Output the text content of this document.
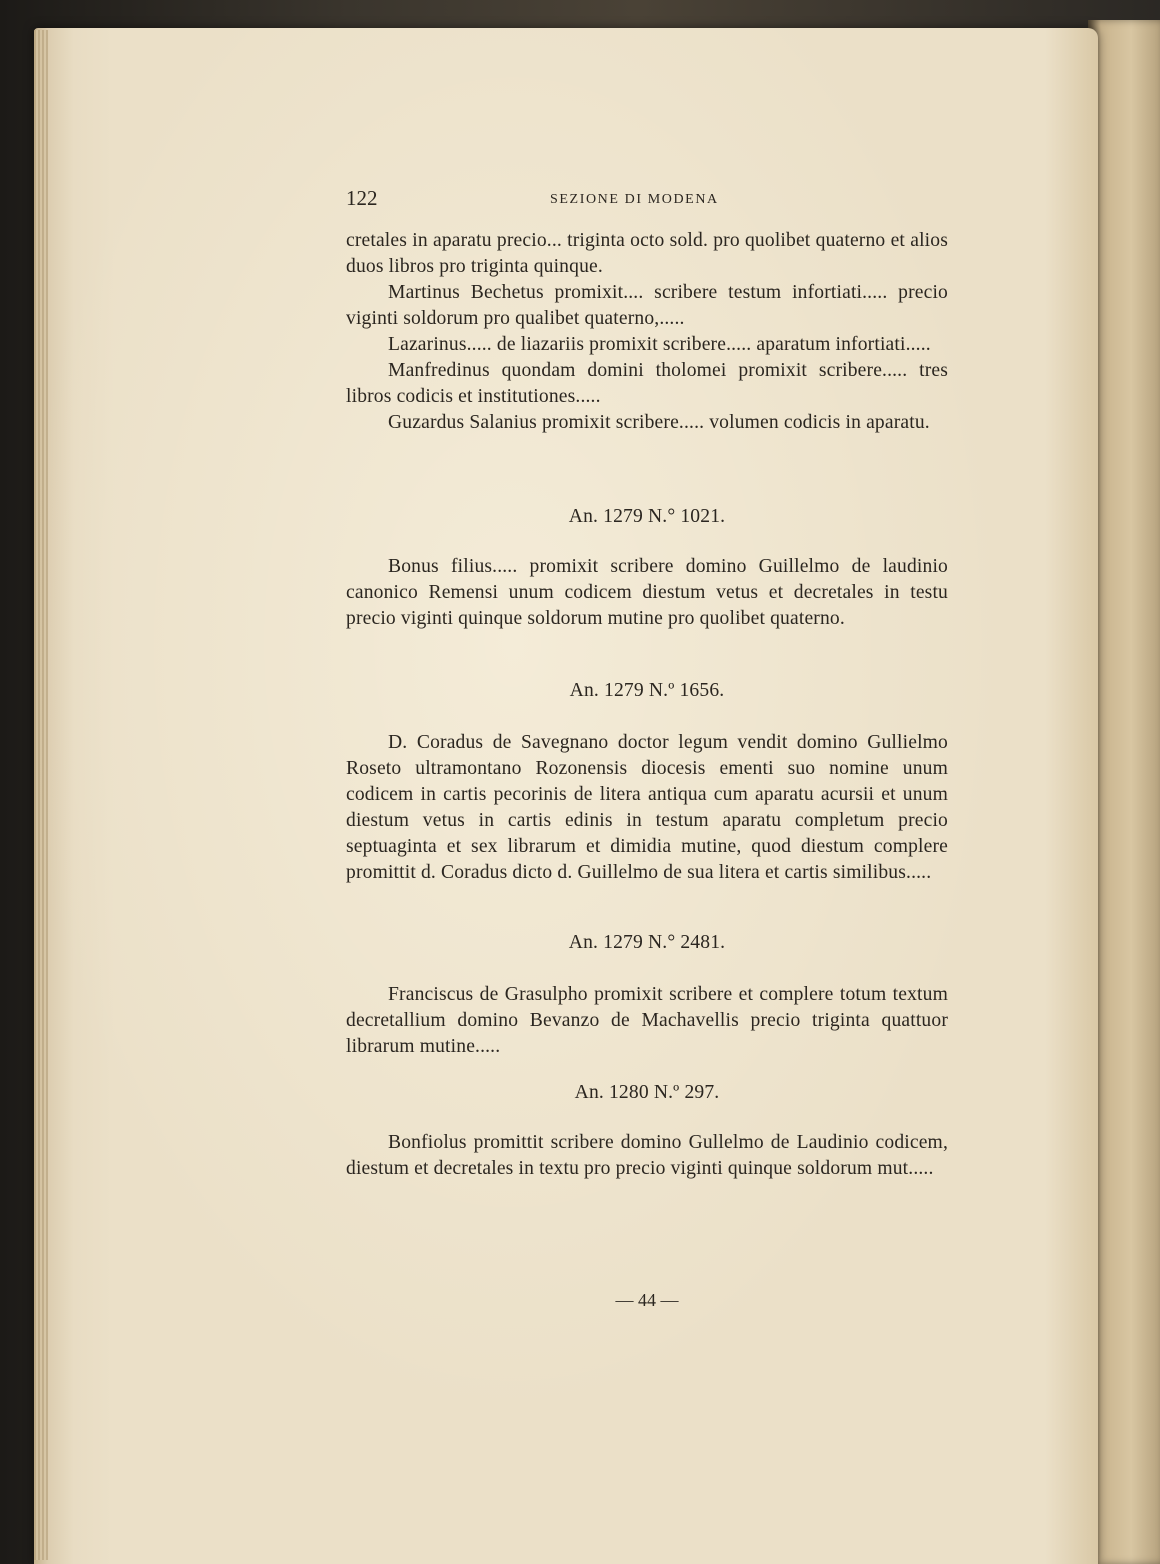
122	SEZIONE DI MODENA

cretales in aparatu precio... triginta octo sold. pro quolibet quaterno et alios duos libros pro triginta quinque.

Martinus Bechetus promixit.... scribere testum infortiati..... precio viginti soldorum pro qualibet quaterno,.....

Lazarinus..... de liazariis promixit scribere..... aparatum infortiati.....

Manfredinus quondam domini tholomei promixit scribere..... tres libros codicis et institutiones.....

Guzardus Salanius promixit scribere..... volumen codicis in aparatu.

An. 1279 N.° 1021.

Bonus filius..... promixit scribere domino Guillelmo de laudinio canonico Remensi unum codicem diestum vetus et decretales in testu precio viginti quinque soldorum mutine pro quolibet quaterno.

An. 1279 N.º 1656.

D. Coradus de Savegnano doctor legum vendit domino Gullielmo Roseto ultramontano Rozonensis diocesis ementi suo nomine unum codicem in cartis pecorinis de litera antiqua cum aparatu acursii et unum diestum vetus in cartis edinis in testum aparatu completum precio septuaginta et sex librarum et dimidia mutine, quod diestum complere promittit d. Coradus dicto d. Guillelmo de sua litera et cartis similibus.....

An. 1279 N.° 2481.

Franciscus de Grasulpho promixit scribere et complere totum textum decretallium domino Bevanzo de Machavellis precio triginta quattuor librarum mutine.....

An. 1280 N.º 297.

Bonfiolus promittit scribere domino Gullelmo de Laudinio codicem, diestum et decretales in textu pro precio viginti quinque soldorum mut.....

— 44 —
